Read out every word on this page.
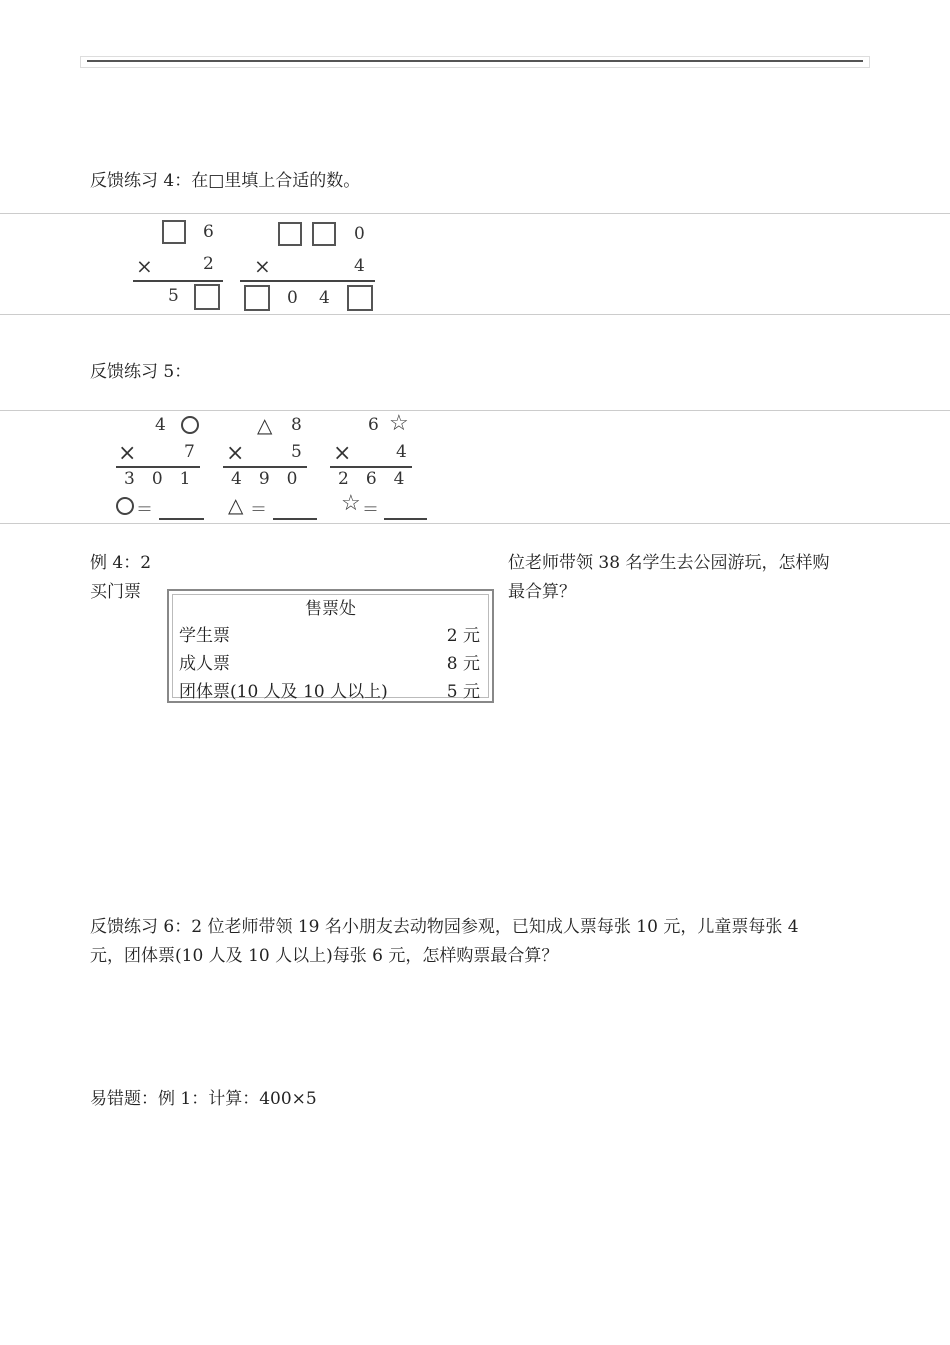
反馈练习 4：在□里填上合适的数。
6
×	2
5
0
×	4
0 4
反馈练习 5：
4
×	7
301
＝
△ 8
×	5
490
△ ＝
6 ☆
×	4
264
☆ ＝
例 4：2	位老师带领 38 名学生去公园游玩，怎样购
买门票	最合算？
售票处
学生票	2 元
成人票	8 元
团体票(10 人及 10 人以上)	5 元
反馈练习 6：2 位老师带领 19 名小朋友去动物园参观，已知成人票每张 10 元，儿童票每张 4
元，团体票(10 人及 10 人以上)每张 6 元，怎样购票最合算？
易错题：例 1：计算：400×5
